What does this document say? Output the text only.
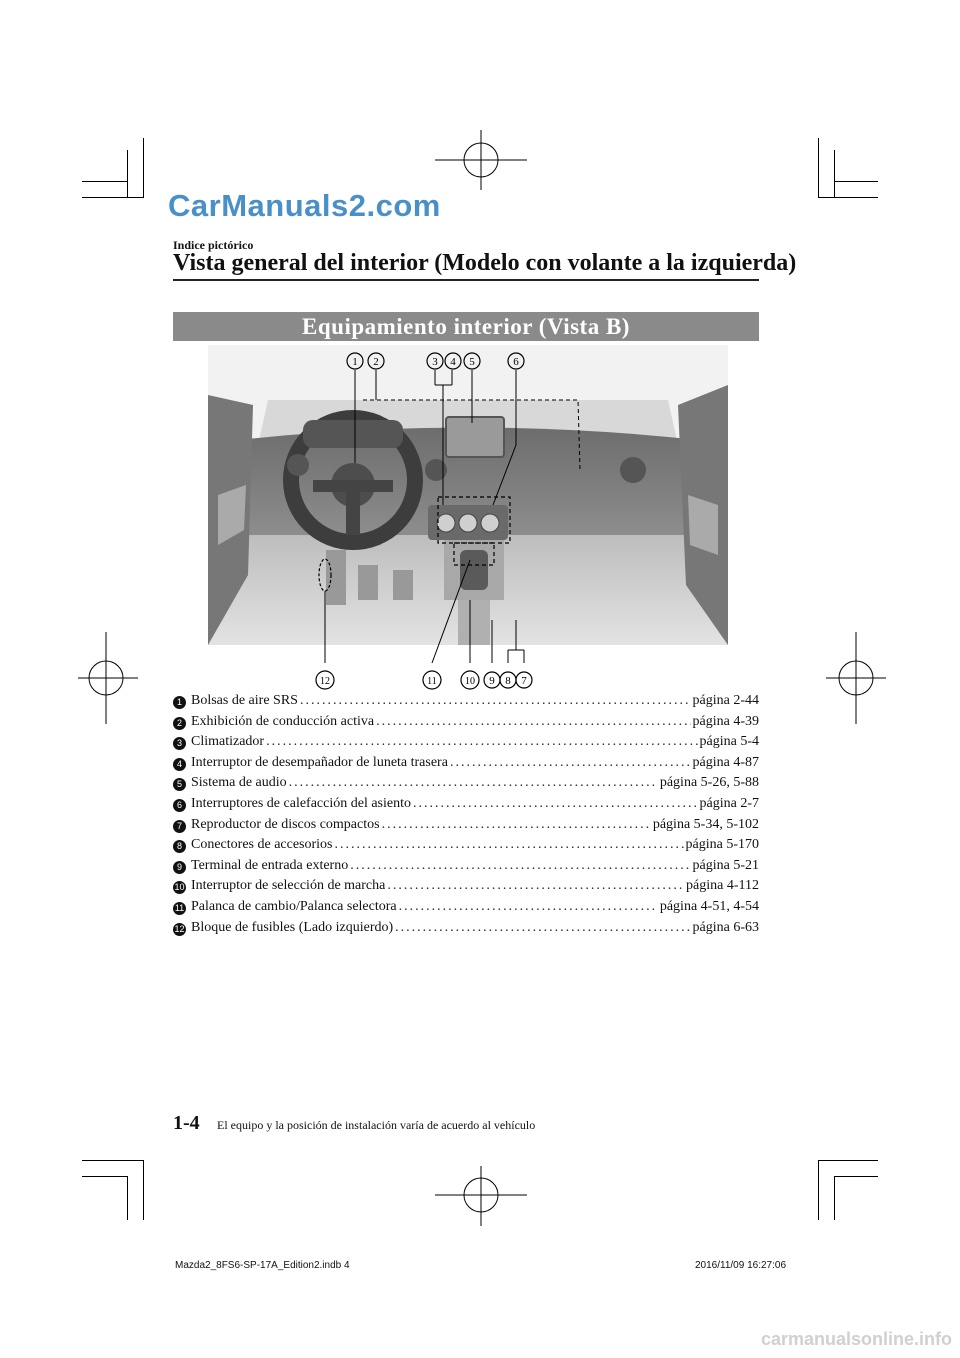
CarManuals2.com
Indice pictórico
Vista general del interior (Modelo con volante a la izquierda)
Equipamiento interior (Vista B)
1 2	3 4 5	6
12	11	10 9 8 7
1 Bolsas de aire SRS .....	página 2-44
2 Exhibición de conducción activa .....	página 4-39
3 Climatizador .....	página 5-4
4 Interruptor de desempañador de luneta trasera .....	página 4-87
5 Sistema de audio .....	página 5-26, 5-88
6 Interruptores de calefacción del asiento .....	página 2-7
7 Reproductor de discos compactos .....	página 5-34, 5-102
8 Conectores de accesorios .....	página 5-170
9 Terminal de entrada externo .....	página 5-21
10 Interruptor de selección de marcha .....	página 4-112
11 Palanca de cambio/Palanca selectora .....	página 4-51, 4-54
12 Bloque de fusibles (Lado izquierdo) .....	página 6-63
1-4 El equipo y la posición de instalación varía de acuerdo al vehículo
Mazda2_8FS6-SP-17A_Edition2.indb 4	2016/11/09 16:27:06
carmanualsonline.info
